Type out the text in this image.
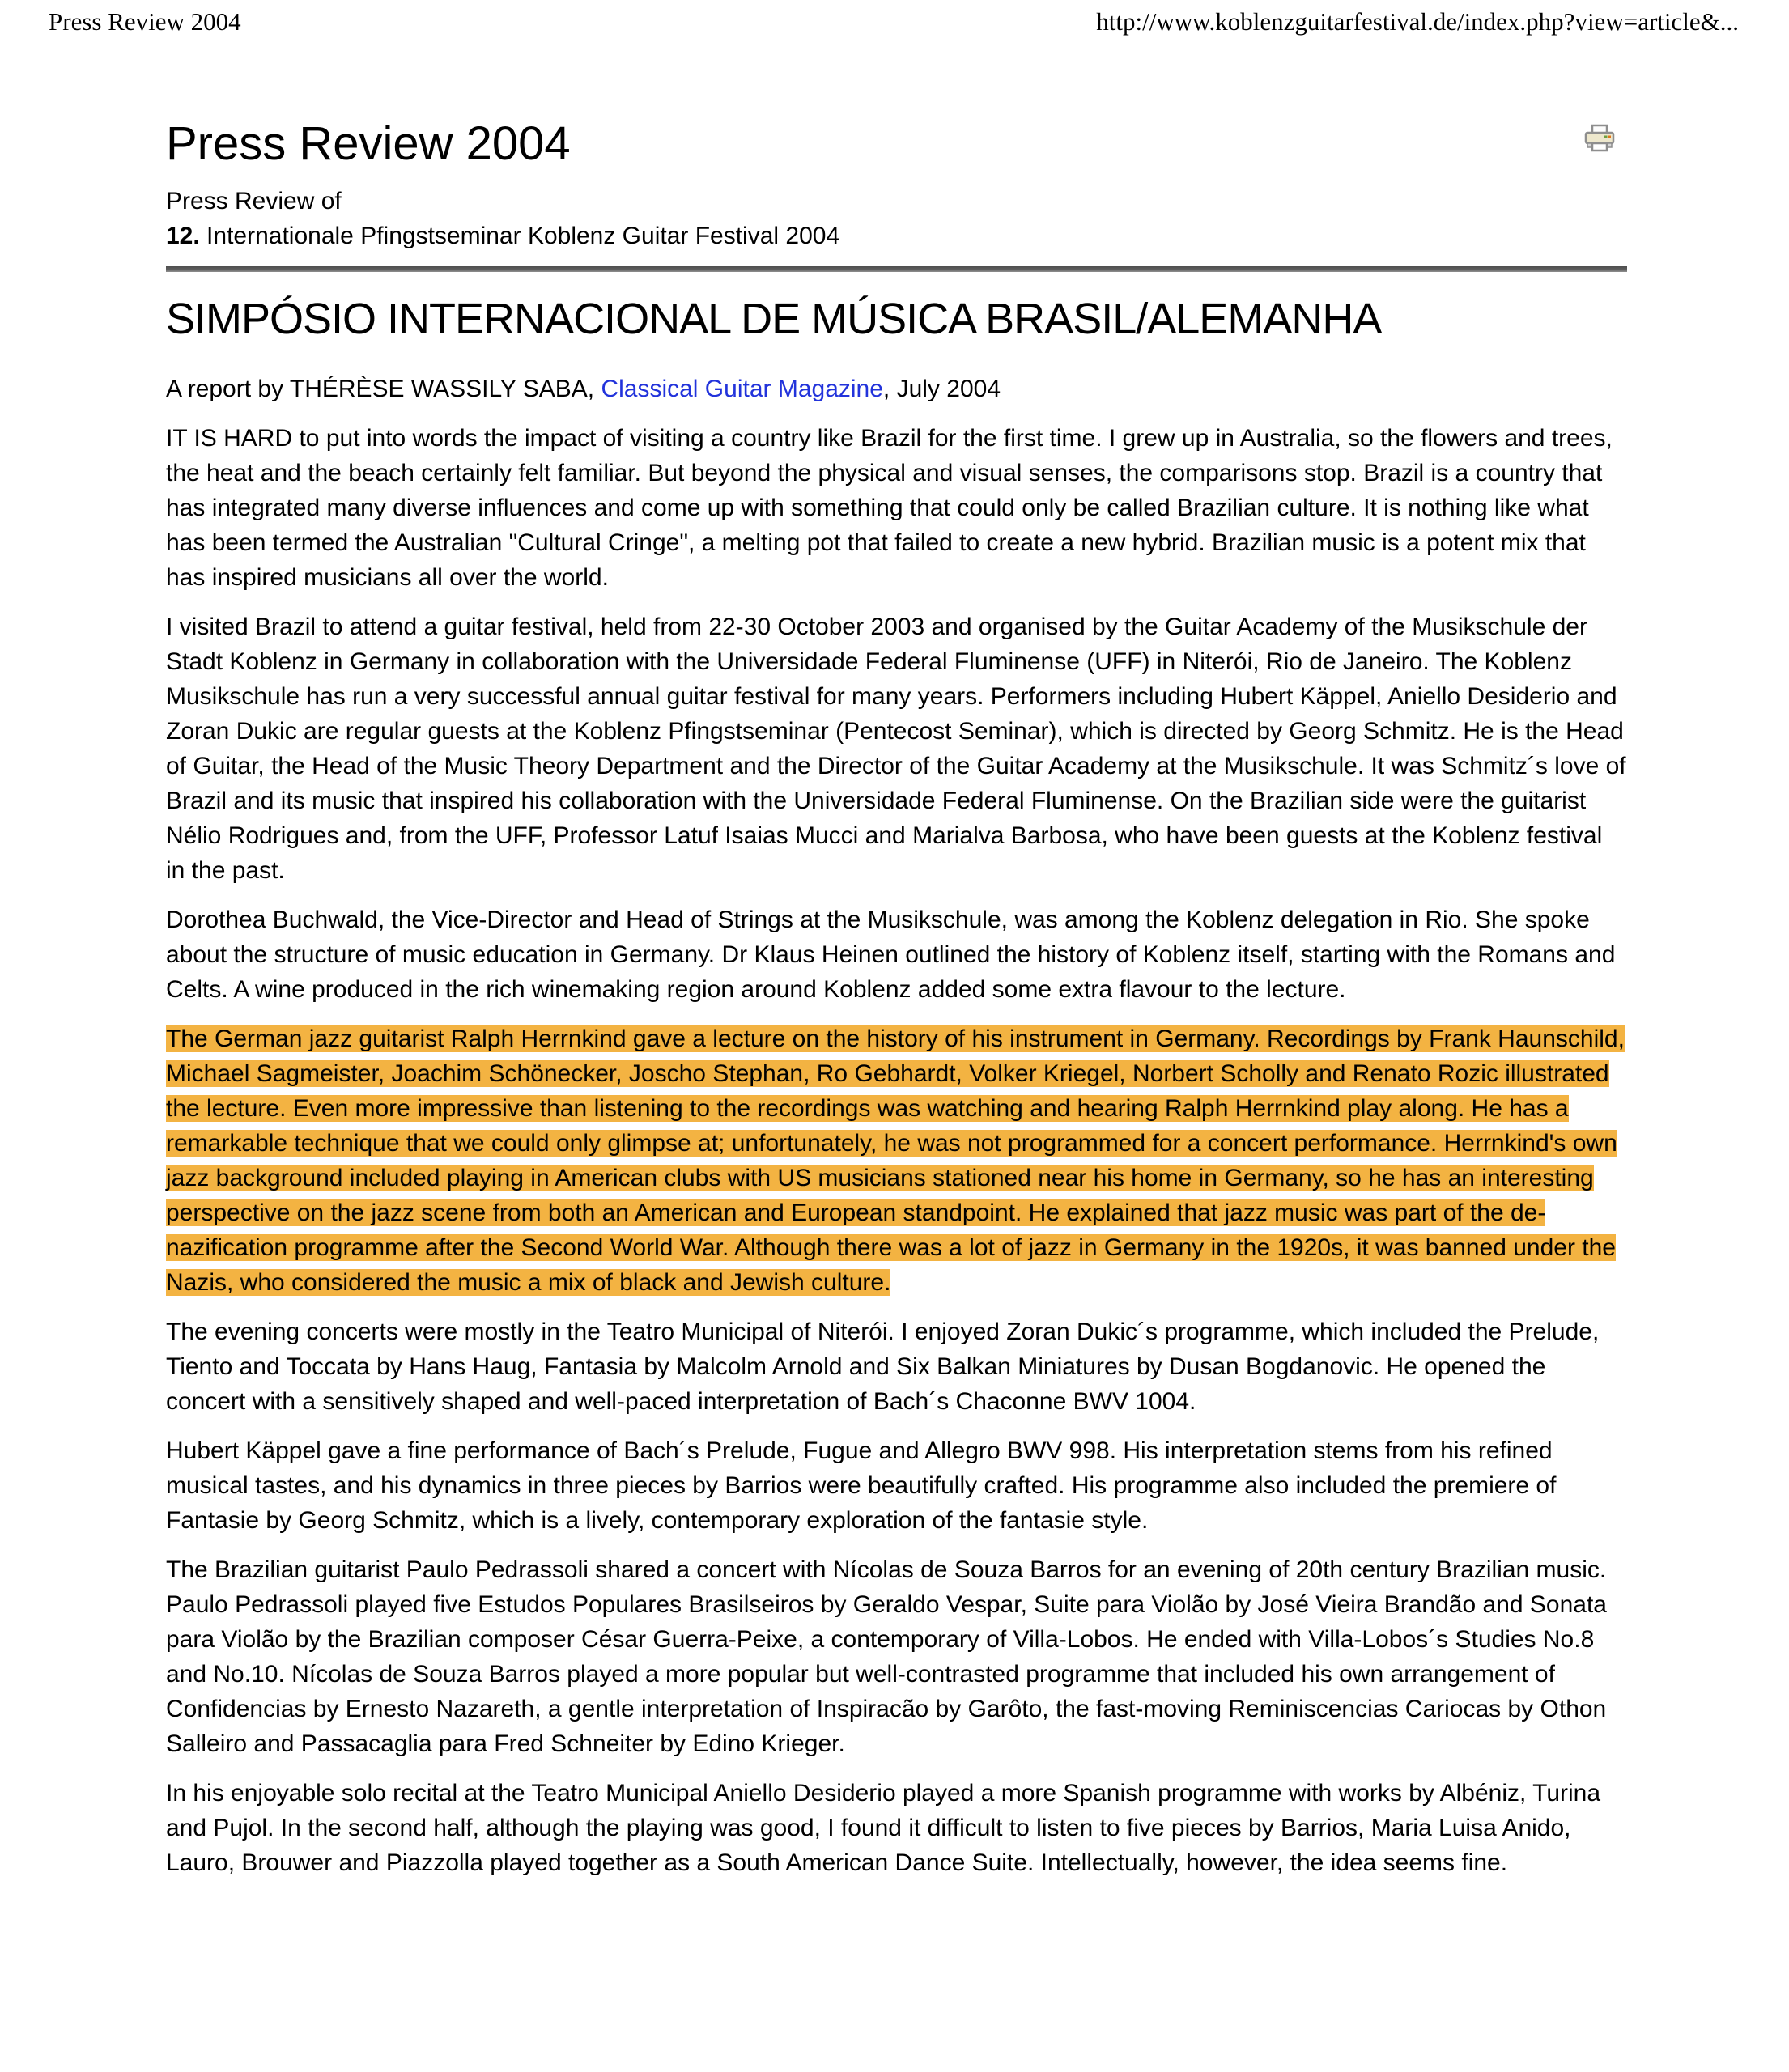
Press Review 2004	http://www.koblenzguitarfestival.de/index.php?view=article&...
Press Review 2004
Press Review of
12. Internationale Pfingstseminar Koblenz Guitar Festival 2004
SIMPÓSIO INTERNACIONAL DE MÚSICA BRASIL/ALEMANHA

A report by THÉRÈSE WASSILY SABA, Classical Guitar Magazine, July 2004

IT IS HARD to put into words the impact of visiting a country like Brazil for the first time. I grew up in Australia, so the flowers and trees, the heat and the beach certainly felt familiar. But beyond the physical and visual senses, the comparisons stop. Brazil is a country that has integrated many diverse influences and come up with something that could only be called Brazilian culture. It is nothing like what has been termed the Australian "Cultural Cringe", a melting pot that failed to create a new hybrid. Brazilian music is a potent mix that has inspired musicians all over the world.

I visited Brazil to attend a guitar festival, held from 22-30 October 2003 and organised by the Guitar Academy of the Musikschule der Stadt Koblenz in Germany in collaboration with the Universidade Federal Fluminense (UFF) in Niterói, Rio de Janeiro. The Koblenz Musikschule has run a very successful annual guitar festival for many years. Performers including Hubert Käppel, Aniello Desiderio and Zoran Dukic are regular guests at the Koblenz Pfingstseminar (Pentecost Seminar), which is directed by Georg Schmitz. He is the Head of Guitar, the Head of the Music Theory Department and the Director of the Guitar Academy at the Musikschule. It was Schmitz´s love of Brazil and its music that inspired his collaboration with the Universidade Federal Fluminense. On the Brazilian side were the guitarist Nélio Rodrigues and, from the UFF, Professor Latuf Isaias Mucci and Marialva Barbosa, who have been guests at the Koblenz festival in the past.

Dorothea Buchwald, the Vice-Director and Head of Strings at the Musikschule, was among the Koblenz delegation in Rio. She spoke about the structure of music education in Germany. Dr Klaus Heinen outlined the history of Koblenz itself, starting with the Romans and Celts. A wine produced in the rich winemaking region around Koblenz added some extra flavour to the lecture.

The German jazz guitarist Ralph Herrnkind gave a lecture on the history of his instrument in Germany. Recordings by Frank Haunschild, Michael Sagmeister, Joachim Schönecker, Joscho Stephan, Ro Gebhardt, Volker Kriegel, Norbert Scholly and Renato Rozic illustrated the lecture. Even more impressive than listening to the recordings was watching and hearing Ralph Herrnkind play along. He has a remarkable technique that we could only glimpse at; unfortunately, he was not programmed for a concert performance. Herrnkind's own jazz background included playing in American clubs with US musicians stationed near his home in Germany, so he has an interesting perspective on the jazz scene from both an American and European standpoint. He explained that jazz music was part of the de-nazification programme after the Second World War. Although there was a lot of jazz in Germany in the 1920s, it was banned under the Nazis, who considered the music a mix of black and Jewish culture.

The evening concerts were mostly in the Teatro Municipal of Niterói. I enjoyed Zoran Dukic´s programme, which included the Prelude, Tiento and Toccata by Hans Haug, Fantasia by Malcolm Arnold and Six Balkan Miniatures by Dusan Bogdanovic. He opened the concert with a sensitively shaped and well-paced interpretation of Bach´s Chaconne BWV 1004.

Hubert Käppel gave a fine performance of Bach´s Prelude, Fugue and Allegro BWV 998. His interpretation stems from his refined musical tastes, and his dynamics in three pieces by Barrios were beautifully crafted. His programme also included the premiere of Fantasie by Georg Schmitz, which is a lively, contemporary exploration of the fantasie style.

The Brazilian guitarist Paulo Pedrassoli shared a concert with Nícolas de Souza Barros for an evening of 20th century Brazilian music. Paulo Pedrassoli played five Estudos Populares Brasilseiros by Geraldo Vespar, Suite para Violão by José Vieira Brandão and Sonata para Violão by the Brazilian composer César Guerra-Peixe, a contemporary of Villa-Lobos. He ended with Villa-Lobos´s Studies No.8 and No.10. Nícolas de Souza Barros played a more popular but well-contrasted programme that included his own arrangement of Confidencias by Ernesto Nazareth, a gentle interpretation of Inspiracão by Garôto, the fast-moving Reminiscencias Cariocas by Othon Salleiro and Passacaglia para Fred Schneiter by Edino Krieger.

In his enjoyable solo recital at the Teatro Municipal Aniello Desiderio played a more Spanish programme with works by Albéniz, Turina and Pujol. In the second half, although the playing was good, I found it difficult to listen to five pieces by Barrios, Maria Luisa Anido, Lauro, Brouwer and Piazzolla played together as a South American Dance Suite. Intellectually, however, the idea seems fine.
